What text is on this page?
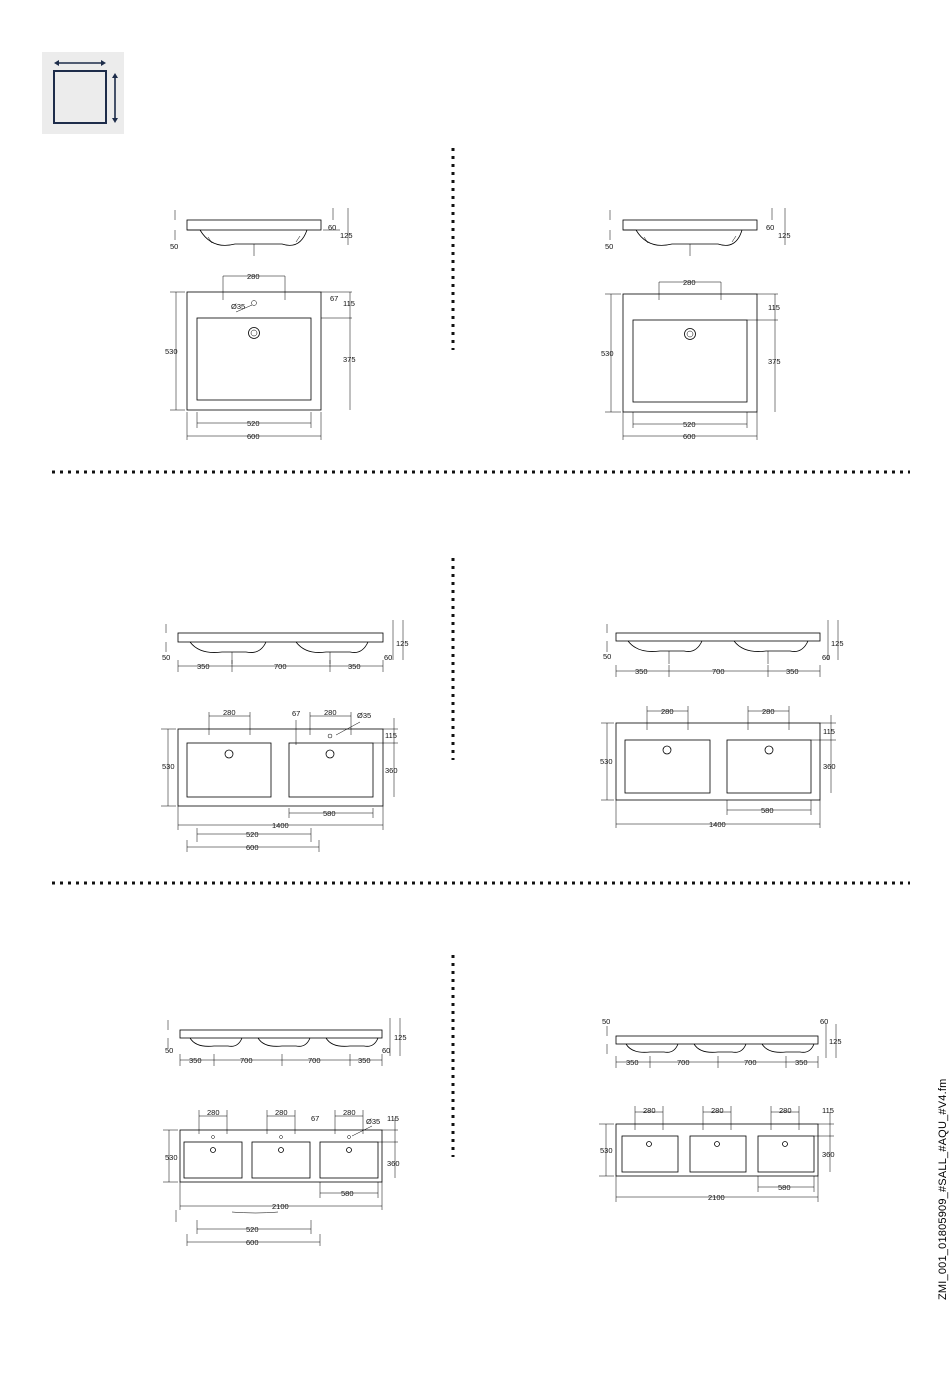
60
125
50
280
Ø35
67
115
375
530
520
600
60
125
50
280
115
375
530
520
600
125
60
50
350	700	350
280	67	280	Ø35
115
360
530
580
1400
520
600
125
60
50
350	700	350
280	280
115
360
530
580
1400
125
60
50
350	700	700	350
280	280
67
280
Ø35 115
360
530
580
2100
520
600
50	60
125
350	700	700	350
280	280	280	115
360
530
580
2100	ZMI_001_01805909_#SALL_#AQU_#V4.fm
